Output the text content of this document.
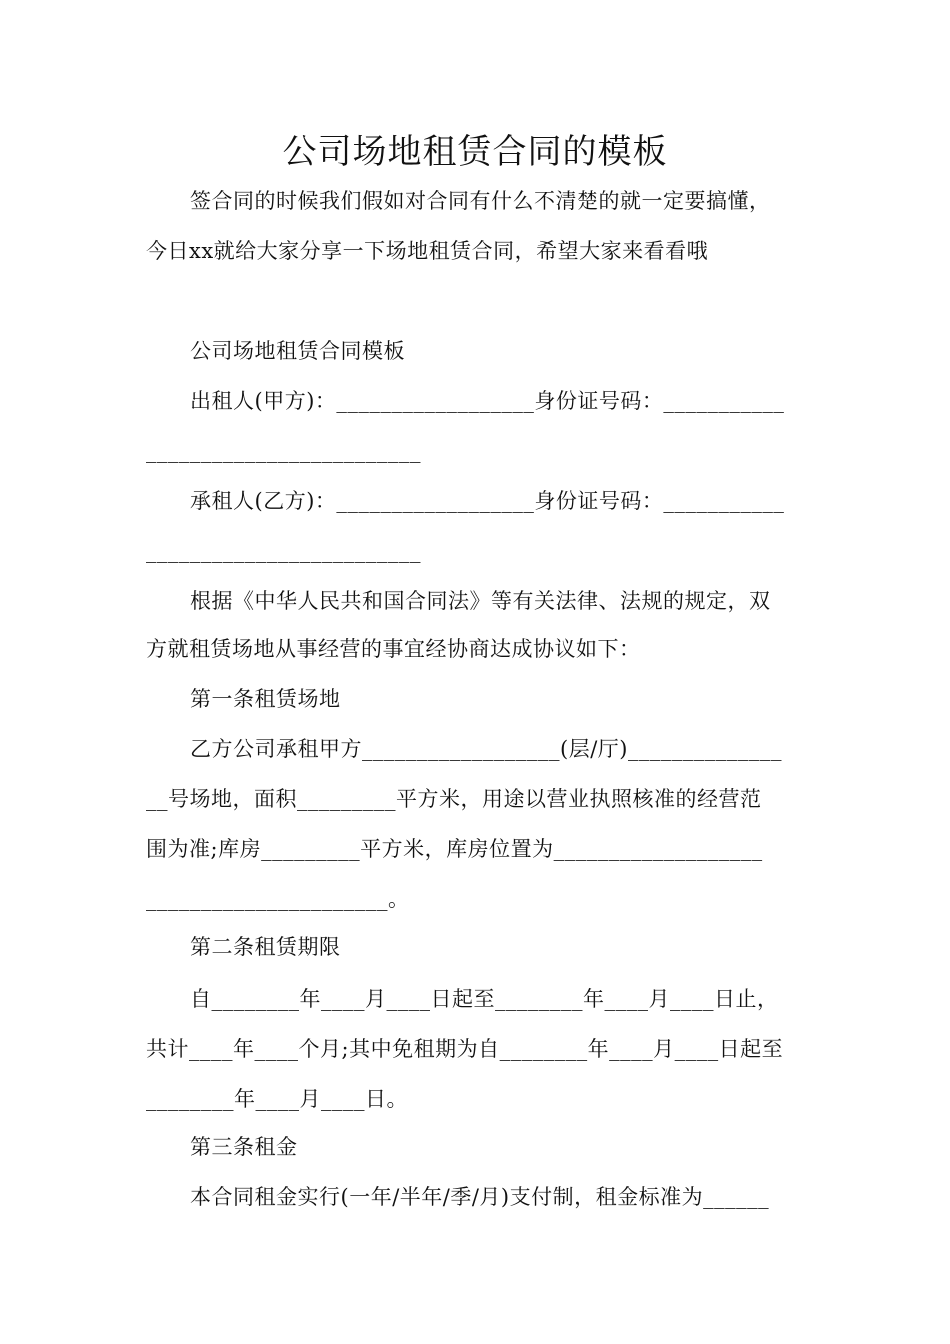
公司场地租赁合同的模板
签合同的时候我们假如对合同有什么不清楚的就一定要搞懂，
今日xx就给大家分享一下场地租赁合同，希望大家来看看哦
公司场地租赁合同模板
出租人(甲方)：__________________身份证号码：___________
_________________________
承租人(乙方)：__________________身份证号码：___________
_________________________
根据《中华人民共和国合同法》等有关法律、法规的规定，双
方就租赁场地从事经营的事宜经协商达成协议如下：
第一条租赁场地
乙方公司承租甲方__________________(层/厅)______________
__号场地，面积_________平方米，用途以营业执照核准的经营范
围为准;库房_________平方米，库房位置为___________________
______________________。
第二条租赁期限
自________年____月____日起至________年____月____日止，
共计____年____个月;其中免租期为自________年____月____日起至
________年____月____日。
第三条租金
本合同租金实行(一年/半年/季/月)支付制，租金标准为______
